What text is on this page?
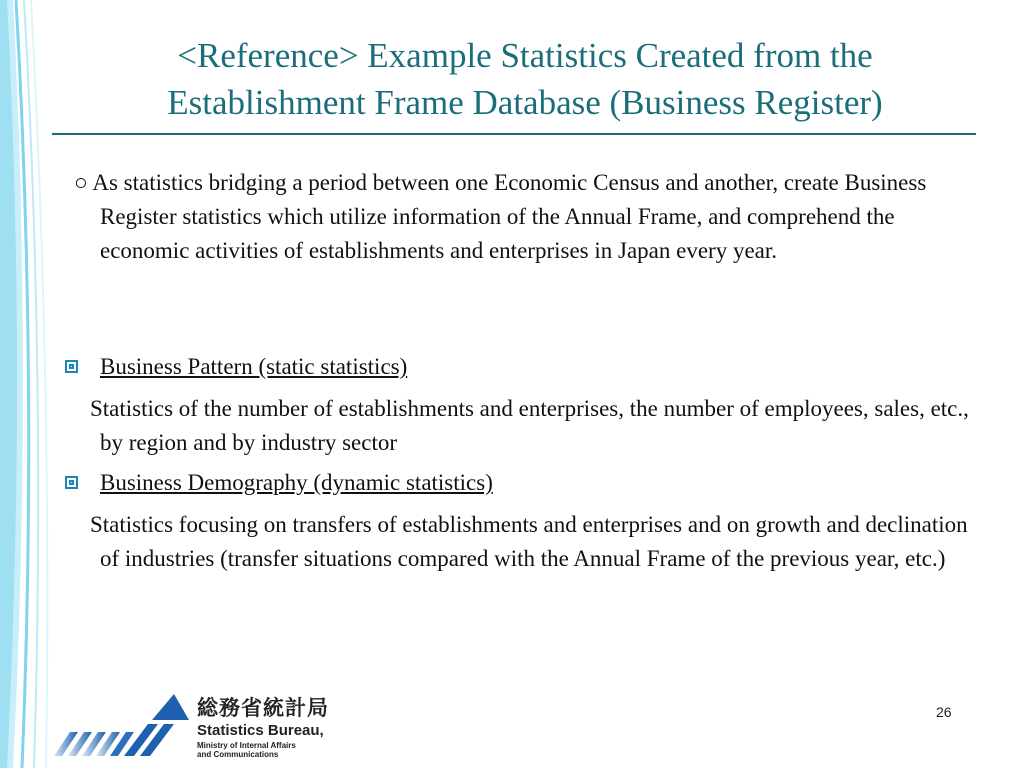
<Reference> Example Statistics Created from the
Establishment Frame Database (Business Register)

○ As statistics bridging a period between one Economic Census and another, create Business Register statistics which utilize information of the Annual Frame, and comprehend the economic activities of establishments and enterprises in Japan every year.

Business Pattern (static statistics)

Statistics of the number of establishments and enterprises, the number of employees, sales, etc., by region and by industry sector

Business Demography (dynamic statistics)

Statistics focusing on transfers of establishments and enterprises and on growth and declination of industries (transfer situations compared with the Annual Frame of the previous year, etc.)

総務省統計局
Statistics Bureau,
Ministry of Internal Affairs
and Communications
26
